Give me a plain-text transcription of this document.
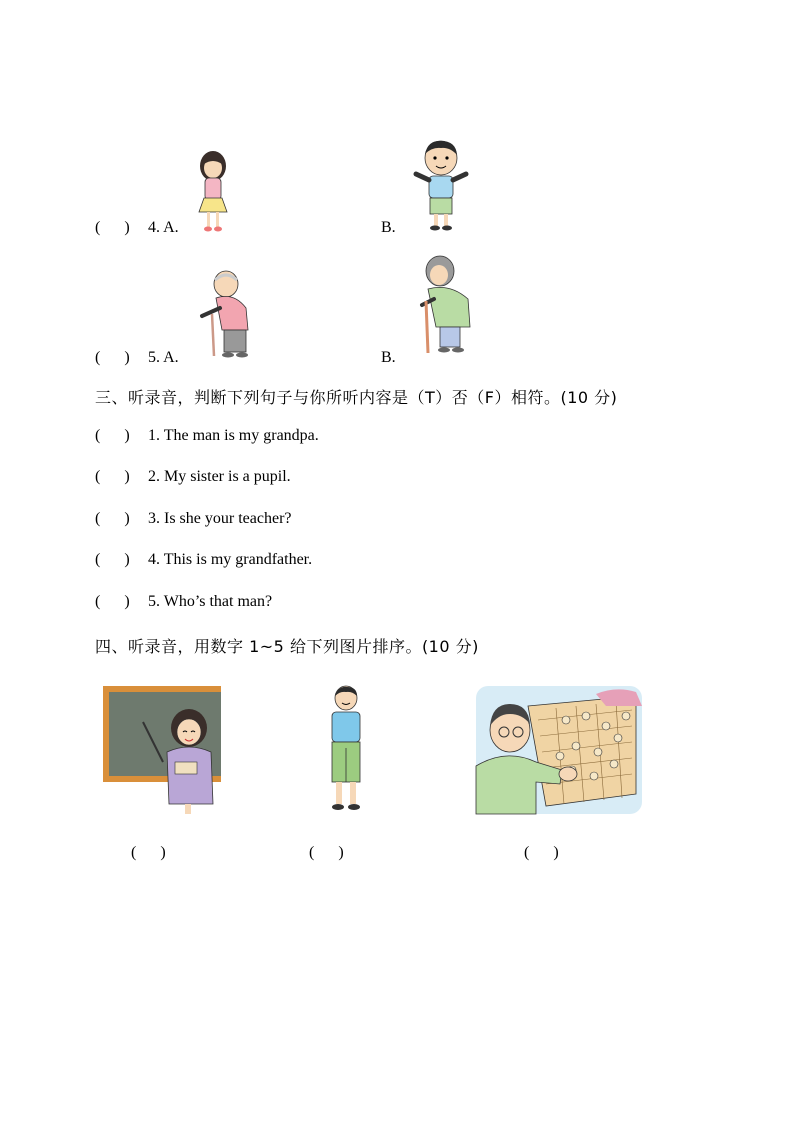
(      ) 4. A.	B.
(      ) 5. A.	B.
三、听录音，判断下列句子与你所听内容是（T）否（F）相符。(10 分)
(      ) 1. The man is my grandpa.
(      ) 2. My sister is a pupil.
(      ) 3. Is she your teacher?
(      ) 4. This is my grandfather.
(      ) 5. Who’s that man?
四、听录音，用数字 1~5 给下列图片排序。(10 分)
(      )	(      )	(      )
